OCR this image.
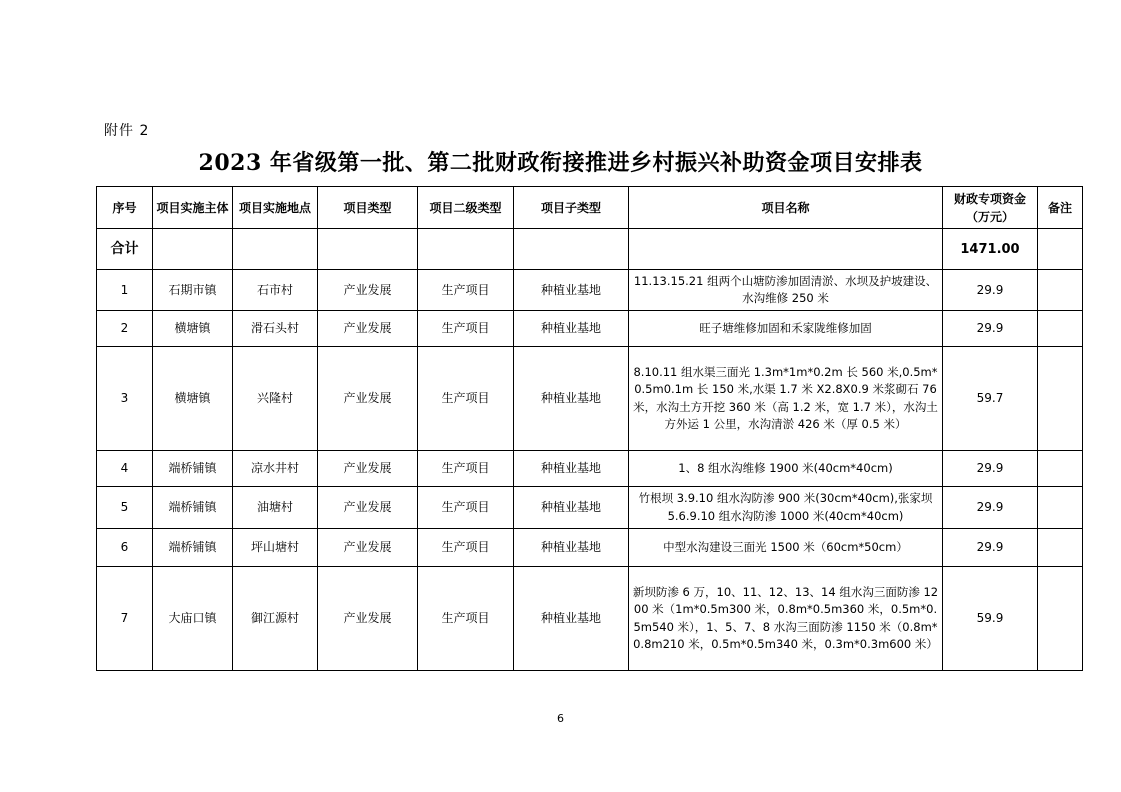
附件 2
2023 年省级第一批、第二批财政衔接推进乡村振兴补助资金项目安排表
序号	项目实施主体	项目实施地点	项目类型	项目二级类型	项目子类型	项目名称	财政专项资金（万元）	备注
合计							1471.00	
1	石期市镇	石市村	产业发展	生产项目	种植业基地	11.13.15.21 组两个山塘防渗加固清淤、水坝及护坡建设、水沟维修 250 米	29.9	
2	横塘镇	滑石头村	产业发展	生产项目	种植业基地	旺子塘维修加固和禾家陇维修加固	29.9	
3	横塘镇	兴隆村	产业发展	生产项目	种植业基地	8.10.11 组水渠三面光 1.3m*1m*0.2m 长 560 米,0.5m*0.5m0.1m 长 150 米,水渠 1.7 米 X2.8X0.9 米浆砌石 76 米，水沟土方开挖 360 米（高 1.2 米，宽 1.7 米），水沟土方外运 1 公里，水沟清淤 426 米（厚 0.5 米）	59.7	
4	端桥铺镇	凉水井村	产业发展	生产项目	种植业基地	1、8 组水沟维修 1900 米(40cm*40cm)	29.9	
5	端桥铺镇	油塘村	产业发展	生产项目	种植业基地	竹根坝 3.9.10 组水沟防渗 900 米(30cm*40cm),张家坝 5.6.9.10 组水沟防渗 1000 米(40cm*40cm)	29.9	
6	端桥铺镇	坪山塘村	产业发展	生产项目	种植业基地	中型水沟建设三面光 1500 米（60cm*50cm）	29.9	
7	大庙口镇	御江源村	产业发展	生产项目	种植业基地	新坝防渗 6 万，10、11、12、13、14 组水沟三面防渗 1200 米（1m*0.5m300 米，0.8m*0.5m360 米，0.5m*0.5m540 米），1、5、7、8 水沟三面防渗 1150 米（0.8m*0.8m210 米，0.5m*0.5m340 米，0.3m*0.3m600 米）	59.9	
6
